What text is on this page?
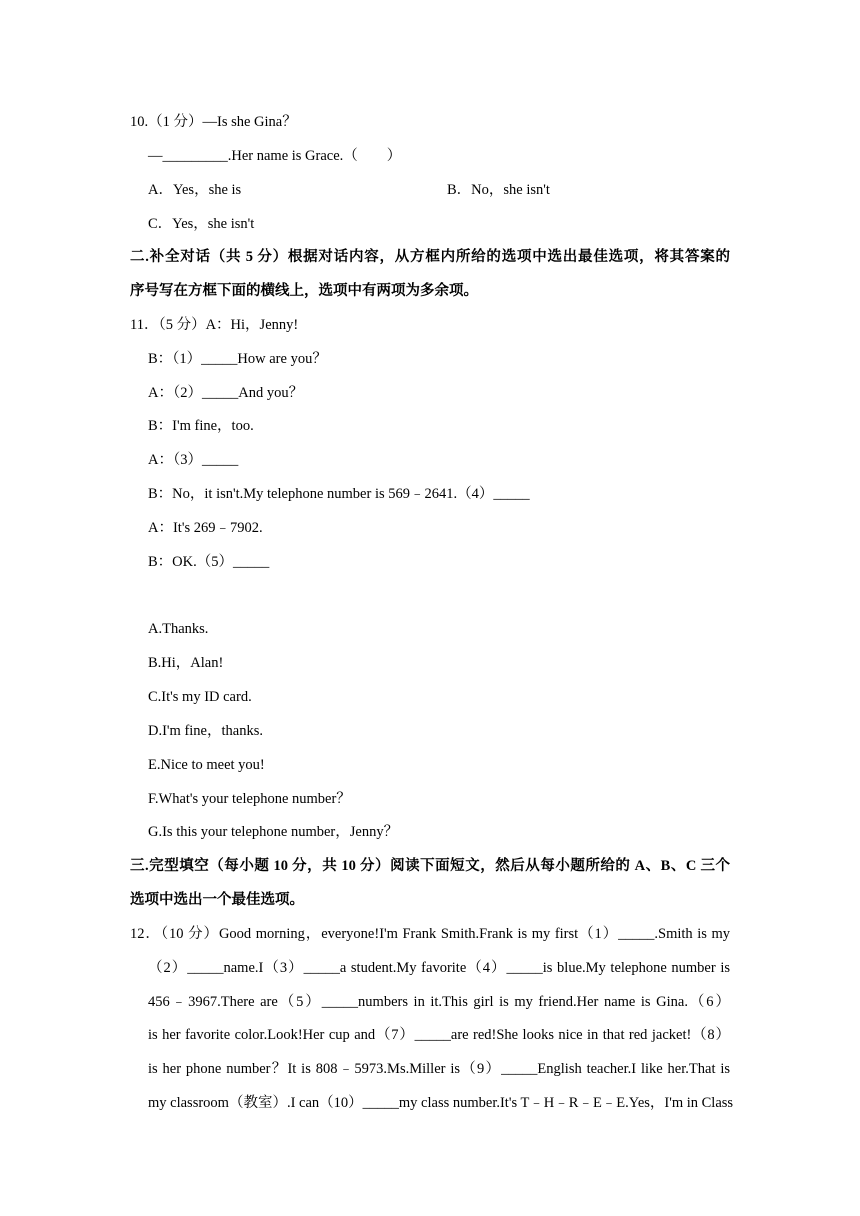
10.（1 分）—Is she Gina？
—_________.Her name is Grace.（　　）
A．Yes，she is	B．No，she isn't
C．Yes，she isn't
二.补全对话（共 5 分）根据对话内容，从方框内所给的选项中选出最佳选项，将其答案的
序号写在方框下面的横线上，选项中有两项为多余项。
11．（5 分）A：Hi，Jenny!
B：（1）_____How are you？
A：（2）_____And you？
B：I'm fine，too.
A：（3）_____
B：No，it isn't.My telephone number is 569﹣2641.（4）_____
A：It's 269﹣7902.
B：OK.（5）_____
A.Thanks.
B.Hi，Alan!
C.It's my ID card.
D.I'm fine，thanks.
E.Nice to meet you!
F.What's your telephone number？
G.Is this your telephone number，Jenny？
三.完型填空（每小题 10 分，共 10 分）阅读下面短文，然后从每小题所给的 A、B、C 三个
选项中选出一个最佳选项。
12．（10 分）Good morning，everyone!I'm Frank Smith.Frank is my first（1）_____.Smith is my
（2）_____name.I（3）_____a student.My favorite（4）_____is blue.My telephone number is
456﹣3967.There are（5）_____numbers in it.This girl is my friend.Her name is Gina.（6）
is her favorite color.Look!Her cup and（7）_____are red!She looks nice in that red jacket!（8）
is her phone number？It is 808﹣5973.Ms.Miller is（9）_____English teacher.I like her.That is
my classroom（教室）.I can（10）_____my class number.It's T﹣H﹣R﹣E﹣E.Yes，I'm in Class
